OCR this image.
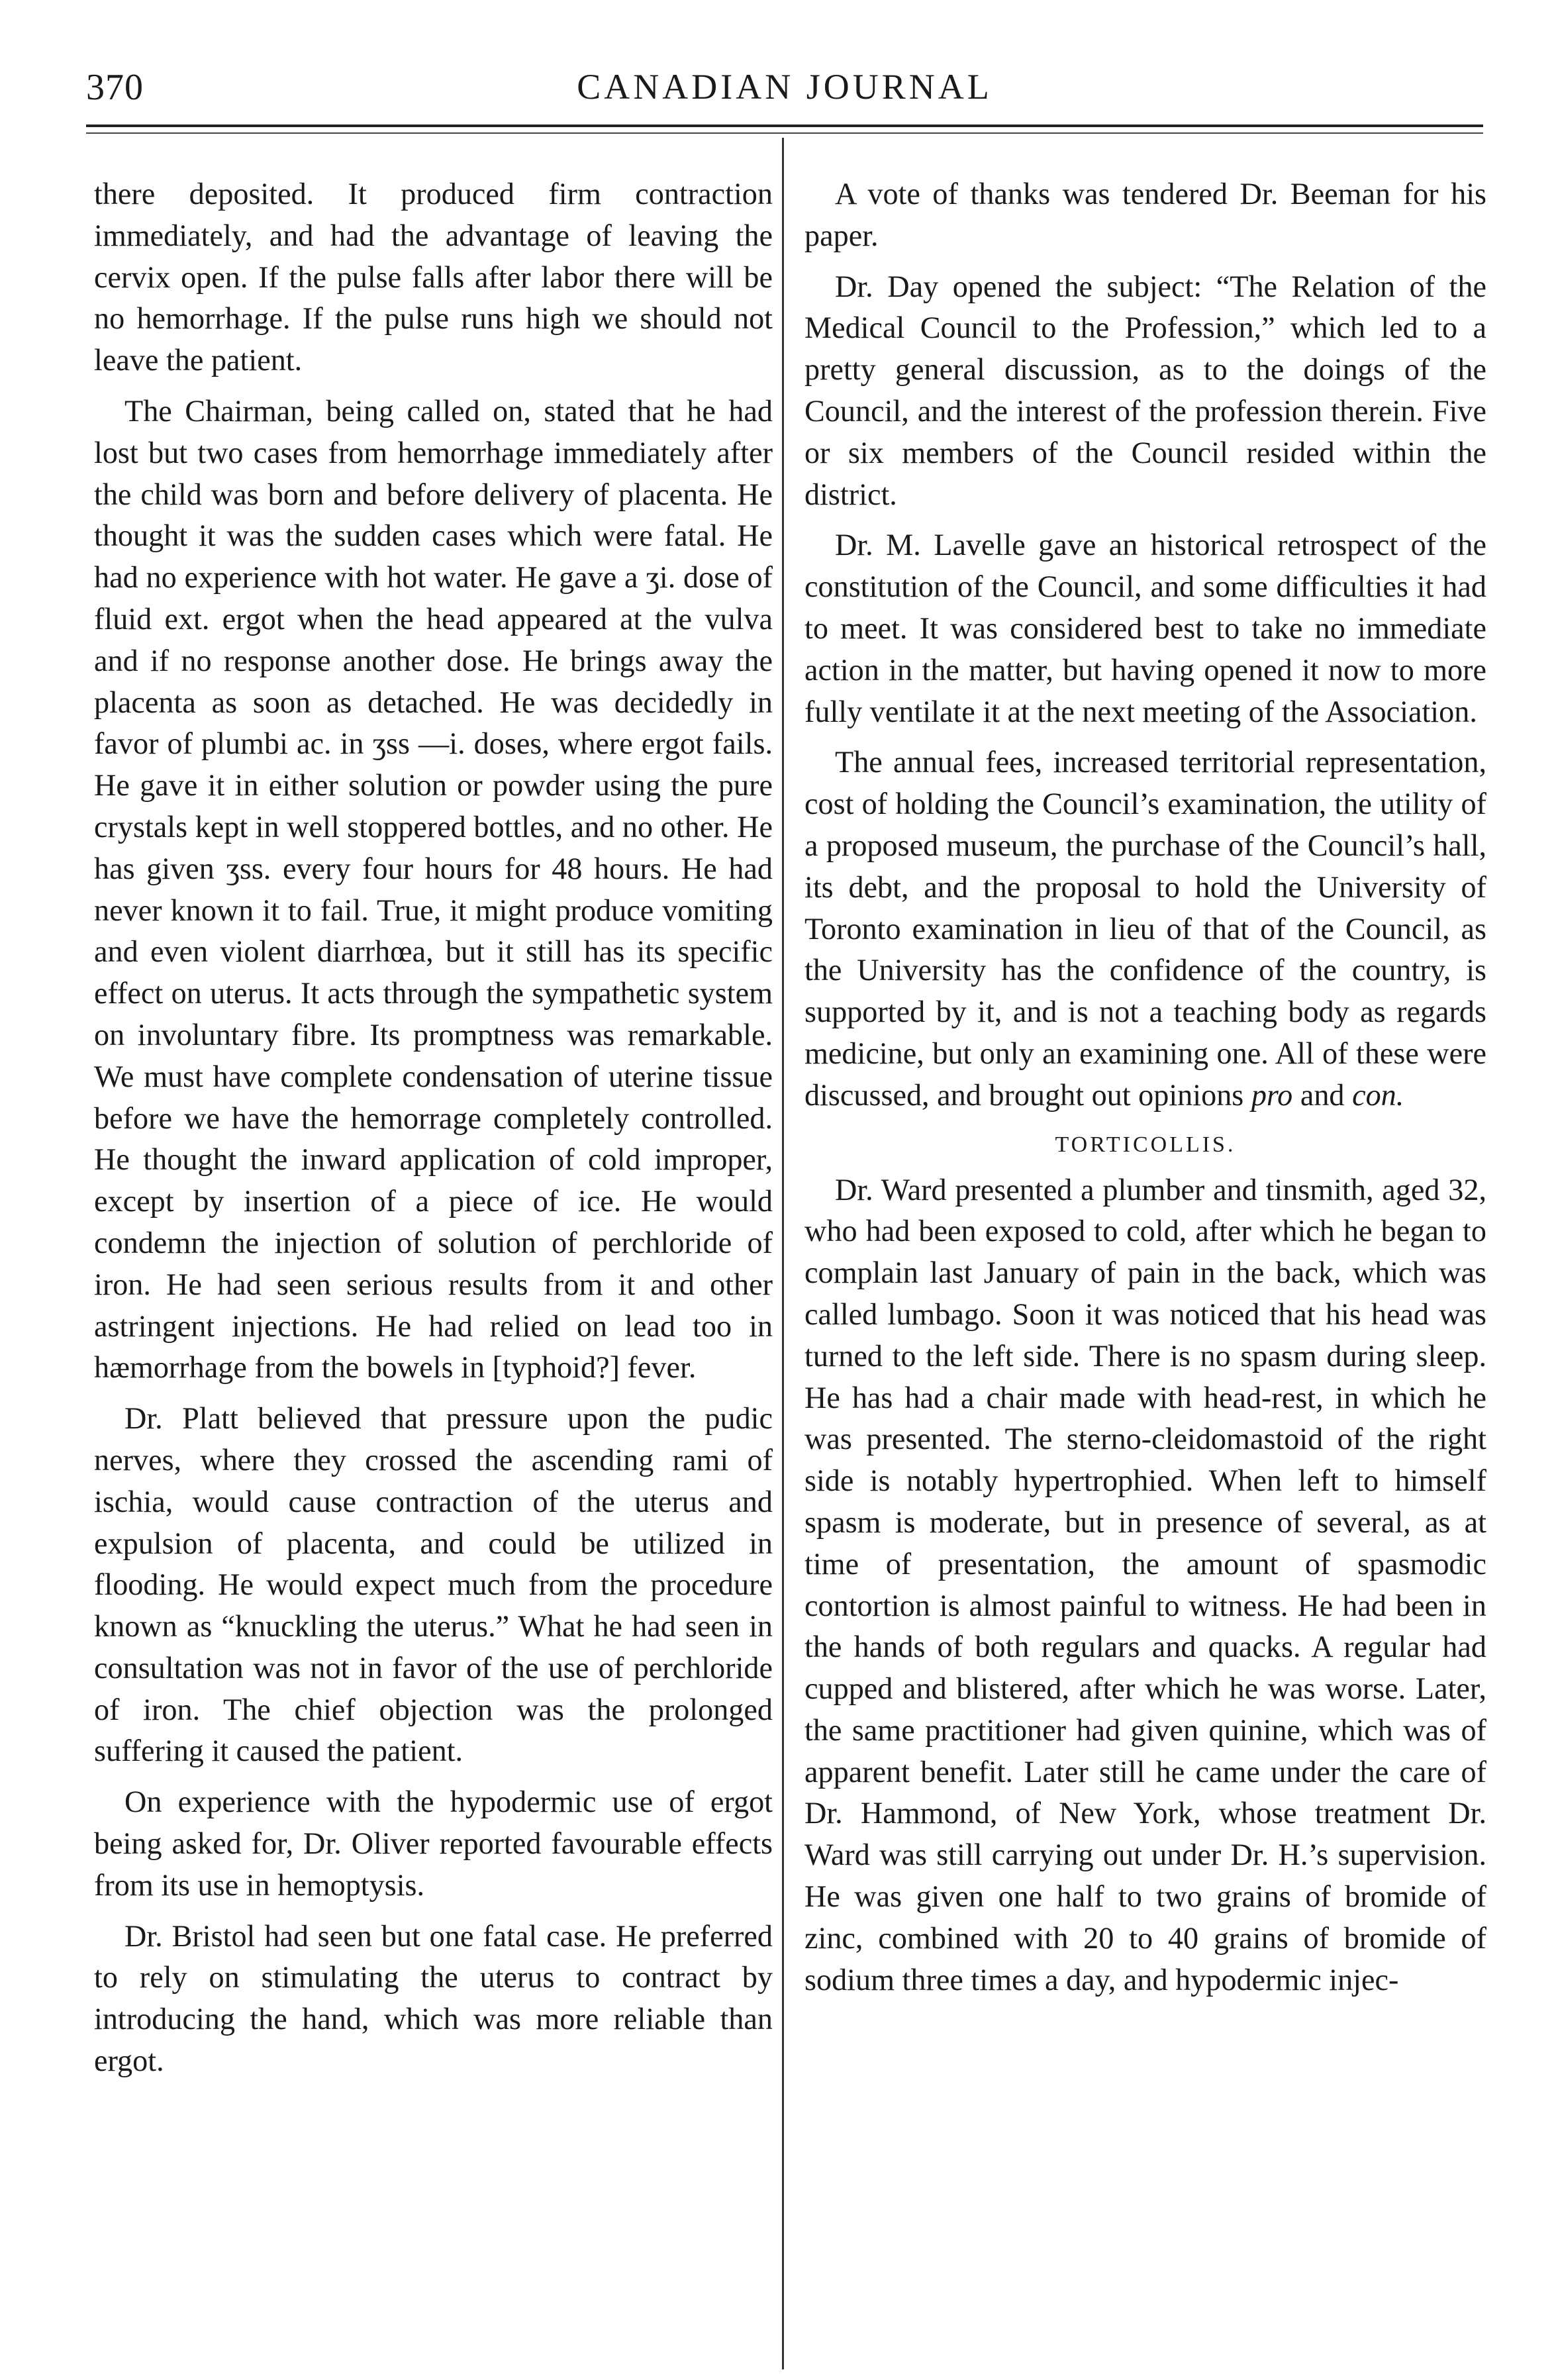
370	CANADIAN JOURNAL

there deposited. It produced firm contraction immediately, and had the advantage of leaving the cervix open. If the pulse falls after labor there will be no hemorrhage. If the pulse runs high we should not leave the patient.

The Chairman, being called on, stated that he had lost but two cases from hemorrhage immediately after the child was born and before delivery of placenta. He thought it was the sudden cases which were fatal. He had no experience with hot water. He gave a ʒi. dose of fluid ext. ergot when the head appeared at the vulva and if no response another dose. He brings away the placenta as soon as detached. He was decidedly in favor of plumbi ac. in ʒss —i. doses, where ergot fails. He gave it in either solution or powder using the pure crystals kept in well stoppered bottles, and no other. He has given ʒss. every four hours for 48 hours. He had never known it to fail. True, it might produce vomiting and even violent diarrhœa, but it still has its specific effect on uterus. It acts through the sympathetic system on involuntary fibre. Its promptness was remarkable. We must have complete condensation of uterine tissue before we have the hemorrage completely controlled. He thought the inward application of cold improper, except by insertion of a piece of ice. He would condemn the injection of solution of perchloride of iron. He had seen serious results from it and other astringent injections. He had relied on lead too in hæmorrhage from the bowels in [typhoid?] fever.

Dr. Platt believed that pressure upon the pudic nerves, where they crossed the ascending rami of ischia, would cause contraction of the uterus and expulsion of placenta, and could be utilized in flooding. He would expect much from the procedure known as “knuckling the uterus.” What he had seen in consultation was not in favor of the use of perchloride of iron. The chief objection was the prolonged suffering it caused the patient.

On experience with the hypodermic use of ergot being asked for, Dr. Oliver reported favourable effects from its use in hemoptysis.

Dr. Bristol had seen but one fatal case. He preferred to rely on stimulating the uterus to contract by introducing the hand, which was more reliable than ergot.

A vote of thanks was tendered Dr. Beeman for his paper.

Dr. Day opened the subject: “The Relation of the Medical Council to the Profession,” which led to a pretty general discussion, as to the doings of the Council, and the interest of the profession therein. Five or six members of the Council resided within the district.

Dr. M. Lavelle gave an historical retrospect of the constitution of the Council, and some difficulties it had to meet. It was considered best to take no immediate action in the matter, but having opened it now to more fully ventilate it at the next meeting of the Association.

The annual fees, increased territorial representation, cost of holding the Council’s examination, the utility of a proposed museum, the purchase of the Council’s hall, its debt, and the proposal to hold the University of Toronto examination in lieu of that of the Council, as the University has the confidence of the country, is supported by it, and is not a teaching body as regards medicine, but only an examining one. All of these were discussed, and brought out opinions pro and con.

TORTICOLLIS.

Dr. Ward presented a plumber and tinsmith, aged 32, who had been exposed to cold, after which he began to complain last January of pain in the back, which was called lumbago. Soon it was noticed that his head was turned to the left side. There is no spasm during sleep. He has had a chair made with head-rest, in which he was presented. The sterno-cleidomastoid of the right side is notably hypertrophied. When left to himself spasm is moderate, but in presence of several, as at time of presentation, the amount of spasmodic contortion is almost painful to witness. He had been in the hands of both regulars and quacks. A regular had cupped and blistered, after which he was worse. Later, the same practitioner had given quinine, which was of apparent benefit. Later still he came under the care of Dr. Hammond, of New York, whose treatment Dr. Ward was still carrying out under Dr. H.’s supervision. He was given one half to two grains of bromide of zinc, combined with 20 to 40 grains of bromide of sodium three times a day, and hypodermic injec-
